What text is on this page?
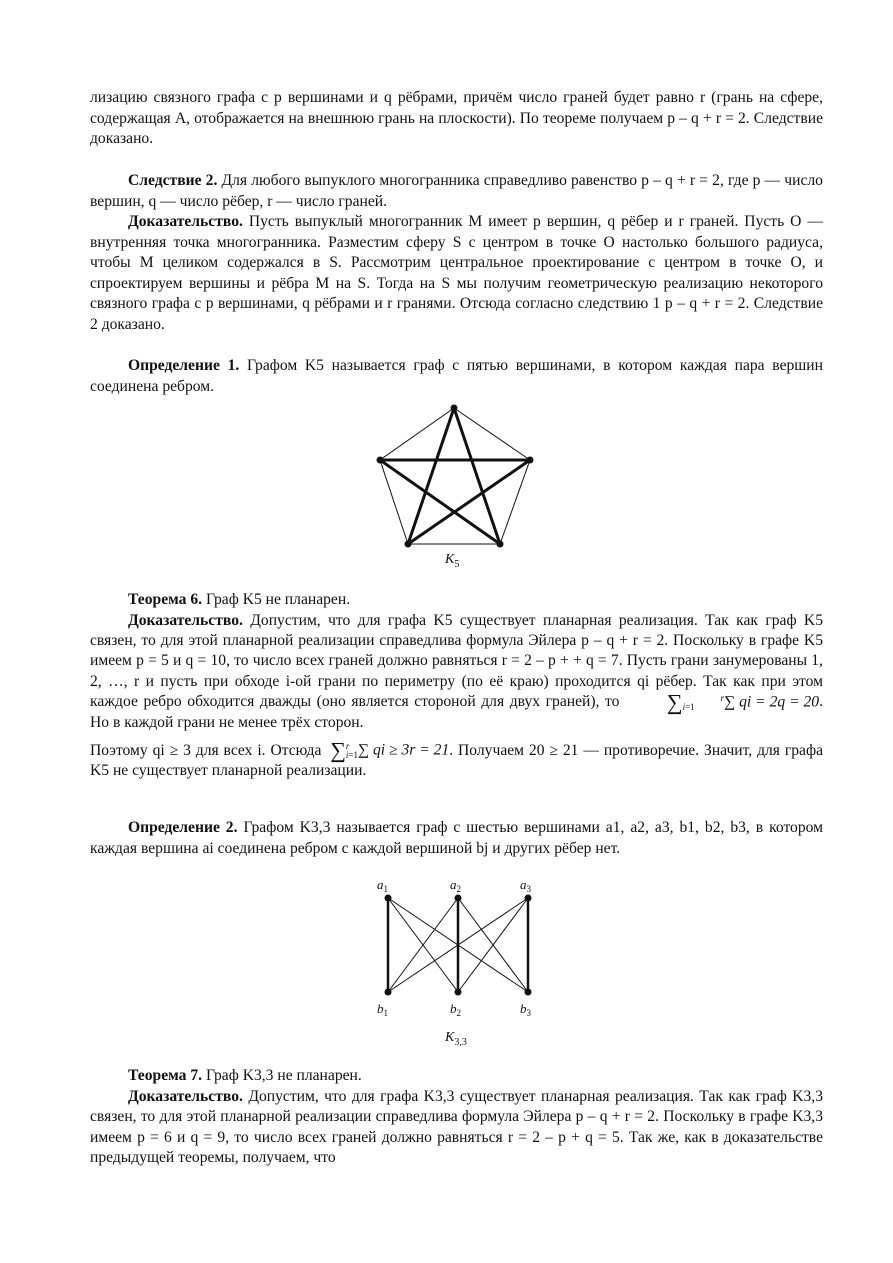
лизацию связного графа с p вершинами и q рёбрами, причём число граней будет равно r (грань на сфере, содержащая A, отображается на внешнюю грань на плоскости). По теореме получаем p – q + r = 2. Следствие доказано.

Следствие 2. Для любого выпуклого многогранника справедливо равенство p – q + r = 2, где p — число вершин, q — число рёбер, r — число граней.

Доказательство. Пусть выпуклый многогранник M имеет p вершин, q рёбер и r граней. Пусть O — внутренняя точка многогранника. Разместим сферу S с центром в точке O настолько большого радиуса, чтобы M целиком содержался в S. Рассмотрим центральное проектирование с центром в точке O, и спроектируем вершины и рёбра M на S. Тогда на S мы получим геометрическую реализацию некоторого связного графа с p вершинами, q рёбрами и r гранями. Отсюда согласно следствию 1 p – q + r = 2. Следствие 2 доказано.

Определение 1. Графом K5 называется граф с пятью вершинами, в котором каждая пара вершин соединена ребром.

$K_5$

Теорема 6. Граф K5 не планарен.

Доказательство. Допустим, что для графа K5 существует планарная реализация. Так как граф K5 связен, то для этой планарной реализации справедлива формула Эйлера p – q + r = 2. Поскольку в графе K5 имеем p = 5 и q = 10, то число всех граней должно равняться r = 2 – p + + q = 7. Пусть грани занумерованы 1, 2, …, r и пусть при обходе i-ой грани по периметру (по её краю) проходится qi рёбер. Так как при этом каждое ребро обходится дважды (оно является стороной для двух граней), то ∑	r
i=1 ∑ qi = 2q = 20. Но в каждой грани не менее трёх сторон.

Поэтому qi ≥ 3 для всех i. Отсюда ∑r
i=1∑ qi ≥ 3r = 21. Получаем 20 ≥ 21 — противоречие. Значит, для графа K5 не существует планарной реализации.

Определение 2. Графом K3,3 называется граф с шестью вершинами a1, a2, a3, b1, b2, b3, в котором каждая вершина ai соединена ребром с каждой вершиной bj и других рёбер нет.

$a_1$	$a_2$	$a_3$
$b_1$	$b_2$	$b_3$
$K_{3,3}$

Теорема 7. Граф K3,3 не планарен.

Доказательство. Допустим, что для графа K3,3 существует планарная реализация. Так как граф K3,3 связен, то для этой планарной реализации справедлива формула Эйлера p – q + r = 2. Поскольку в графе K3,3 имеем p = 6 и q = 9, то число всех граней должно равняться r = 2 – p + q = 5. Так же, как в доказательстве предыдущей теоремы, получаем, что
